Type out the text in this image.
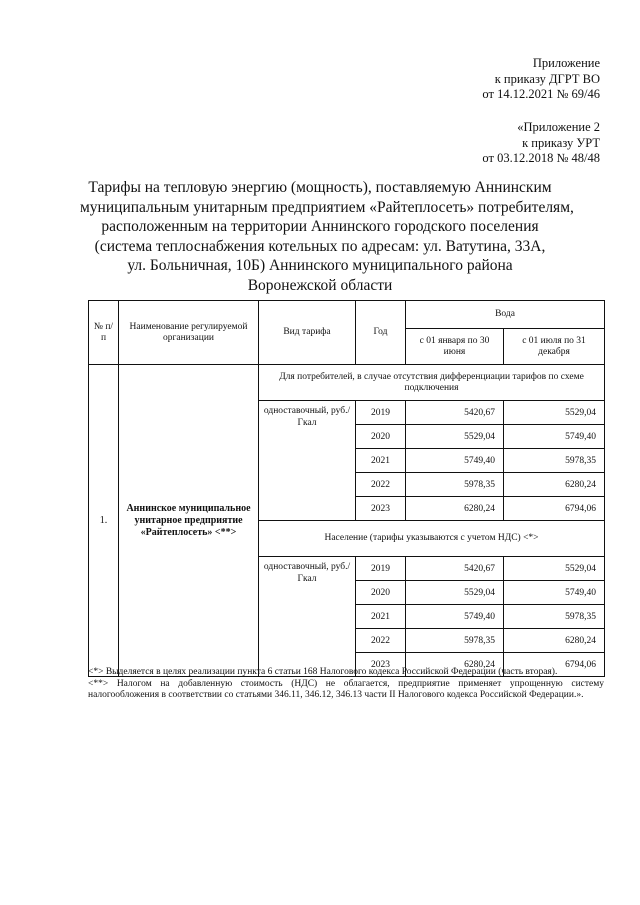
Приложение
к приказу ДГРТ ВО
от 14.12.2021 № 69/46
«Приложение 2
к приказу УРТ
от 03.12.2018 № 48/48
Тарифы на тепловую энергию (мощность), поставляемую Аннинским
муниципальным унитарным предприятием «Райтеплосеть» потребителям,
расположенным на территории Аннинского городского поселения
(система теплоснабжения котельных по адресам: ул. Ватутина, 33А,
ул. Больничная, 10Б) Аннинского муниципального района
Воронежской области
№ п/п	Наименование регулируемой организации	Вид тарифа	Год	Вода	
				с 01 января по 30 июня	с 01 июля по 31 декабря
1.	Аннинское муниципальное унитарное предприятие «Райтеплосеть» <**>	Для потребителей, в случае отсутствия дифференциации тарифов по схеме подключения			
		одноставочный, руб./Гкал	2019	5420,67	5529,04
			2020	5529,04	5749,40
			2021	5749,40	5978,35
			2022	5978,35	6280,24
			2023	6280,24	6794,06
		Население (тарифы указываются с учетом НДС) <*>			
		одноставочный, руб./Гкал	2019	5420,67	5529,04
			2020	5529,04	5749,40
			2021	5749,40	5978,35
			2022	5978,35	6280,24
			2023	6280,24	6794,06

<*> Выделяется в целях реализации пункта 6 статьи 168 Налогового кодекса Российской Федерации (часть вторая).

<**> Налогом на добавленную стоимость (НДС) не облагается, предприятие применяет упрощенную систему налогообложения в соответствии со статьями 346.11, 346.12, 346.13 части II Налогового кодекса Российской Федерации.».
